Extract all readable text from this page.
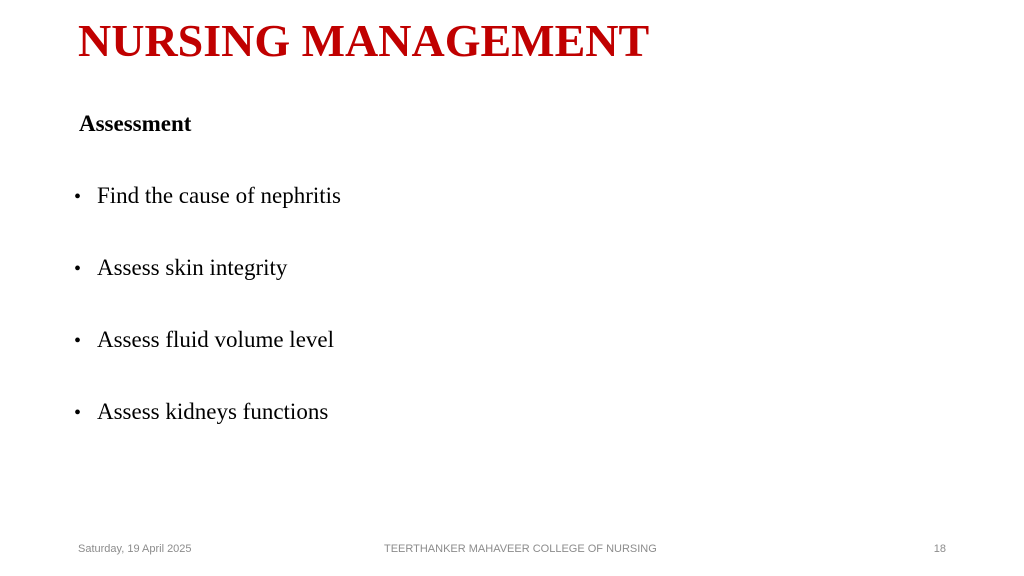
NURSING MANAGEMENT
Assessment
• Find the cause of nephritis
• Assess skin integrity
• Assess fluid volume level
• Assess kidneys functions
Saturday, 19 April 2025	TEERTHANKER MAHAVEER COLLEGE OF NURSING	18
